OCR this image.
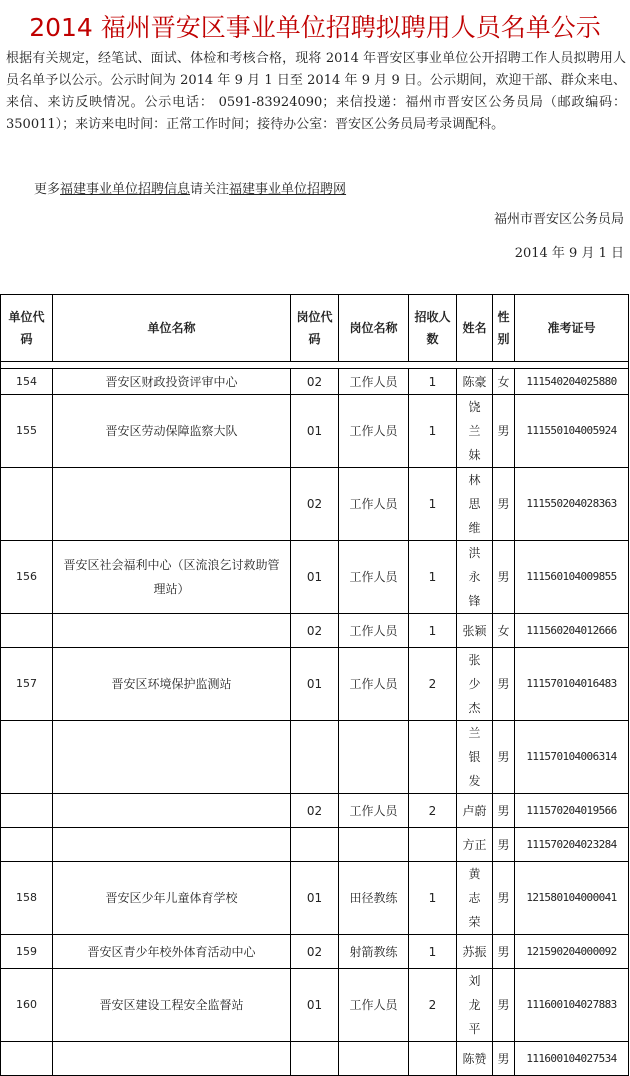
2014 福州晋安区事业单位招聘拟聘用人员名单公示
根据有关规定，经笔试、面试、体检和考核合格，现将 2014 年晋安区事业单位公开招聘工作人员拟聘用人员名单予以公示。公示时间为 2014 年 9 月 1 日至 2014 年 9 月 9 日。公示期间，欢迎干部、群众来电、来信、来访反映情况。公示电话： 0591-83924090；来信投递：福州市晋安区公务员局（邮政编码：350011）；来访来电时间：正常工作时间；接待办公室：晋安区公务员局考录调配科。
更多福建事业单位招聘信息请关注福建事业单位招聘网
福州市晋安区公务员局
2014 年 9 月 1 日
单位代码	单位名称	岗位代码	岗位名称	招收人数	姓名	性别	准考证号

154	晋安区财政投资评审中心	02	工作人员	1	陈豪	女	111540204025880
155	晋安区劳动保障监察大队	01	工作人员	1	饶兰妹	男	111550104005924
		02	工作人员	1	林思维	男	111550204028363
156	晋安区社会福利中心（区流浪乞讨救助管理站）	01	工作人员	1	洪永锋	男	111560104009855
		02	工作人员	1	张颖	女	111560204012666
157	晋安区环境保护监测站	01	工作人员	2	张少杰	男	111570104016483
					兰银发	男	111570104006314
		02	工作人员	2	卢蔚	男	111570204019566
					方正	男	111570204023284
158	晋安区少年儿童体育学校	01	田径教练	1	黄志荣	男	121580104000041
159	晋安区青少年校外体育活动中心	02	射箭教练	1	苏振	男	121590204000092
160	晋安区建设工程安全监督站	01	工作人员	2	刘龙平	男	111600104027883
					陈赞	男	111600104027534
